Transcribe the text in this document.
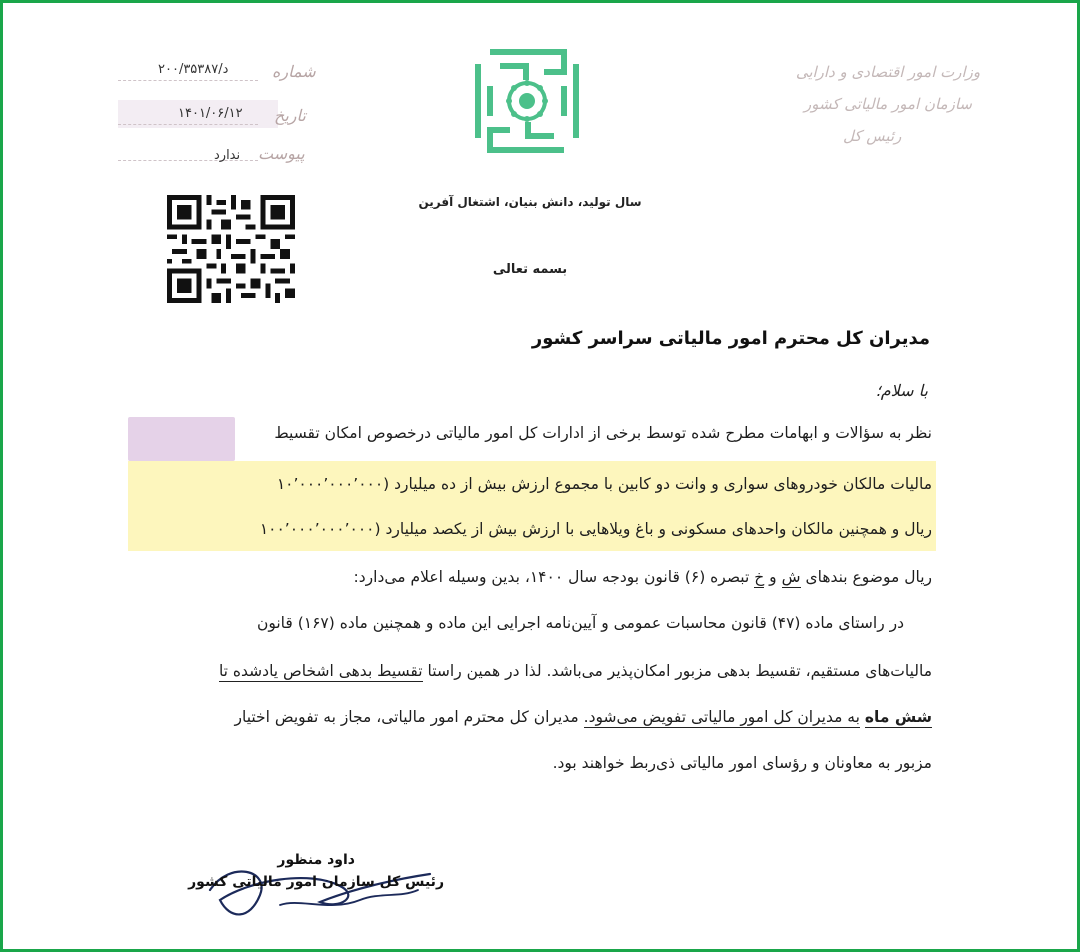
وزارت امور اقتصادی و دارایی
سازمان امور مالیاتی کشور
رئیس کل
سال تولید، دانش بنیان، اشتغال آفرین
بسمه تعالی
شماره
د/۲۰۰/۳۵۳۸۷
تاریخ
۱۴۰۱/۰۶/۱۲
پیوست
ندارد
مدیران کل محترم امور مالیاتی سراسر کشور
با سلام؛
نظر به سؤالات و ابهامات مطرح شده توسط برخی از ادارات کل امور مالیاتی درخصوص امکان تقسیط
مالیات مالکان خودروهای سواری و وانت دو کابین با مجموع ارزش بیش از ده میلیارد (۱۰٬۰۰۰٬۰۰۰٬۰۰۰
ریال و همچنین مالکان واحدهای مسکونی و باغ ویلاهایی با ارزش بیش از یکصد میلیارد (۱۰۰٬۰۰۰٬۰۰۰٬۰۰۰
ریال موضوع بندهای ش و خ تبصره (۶) قانون بودجه سال ۱۴۰۰، بدین وسیله اعلام می‌دارد:
در راستای ماده (۴۷) قانون محاسبات عمومی و آیین‌نامه اجرایی این ماده و همچنین ماده (۱۶۷) قانون
مالیات‌های مستقیم، تقسیط بدهی مزبور امکان‌پذیر می‌باشد. لذا در همین راستا تقسیط بدهی اشخاص یادشده تا
شش ماه به مدیران کل امور مالیاتی تفویض می‌شود. مدیران کل محترم امور مالیاتی، مجاز به تفویض اختیار
مزبور به معاونان و رؤسای امور مالیاتی ذی‌ربط خواهند بود.
داود منظور
رئیس کل سازمان امور مالیاتی کشور
